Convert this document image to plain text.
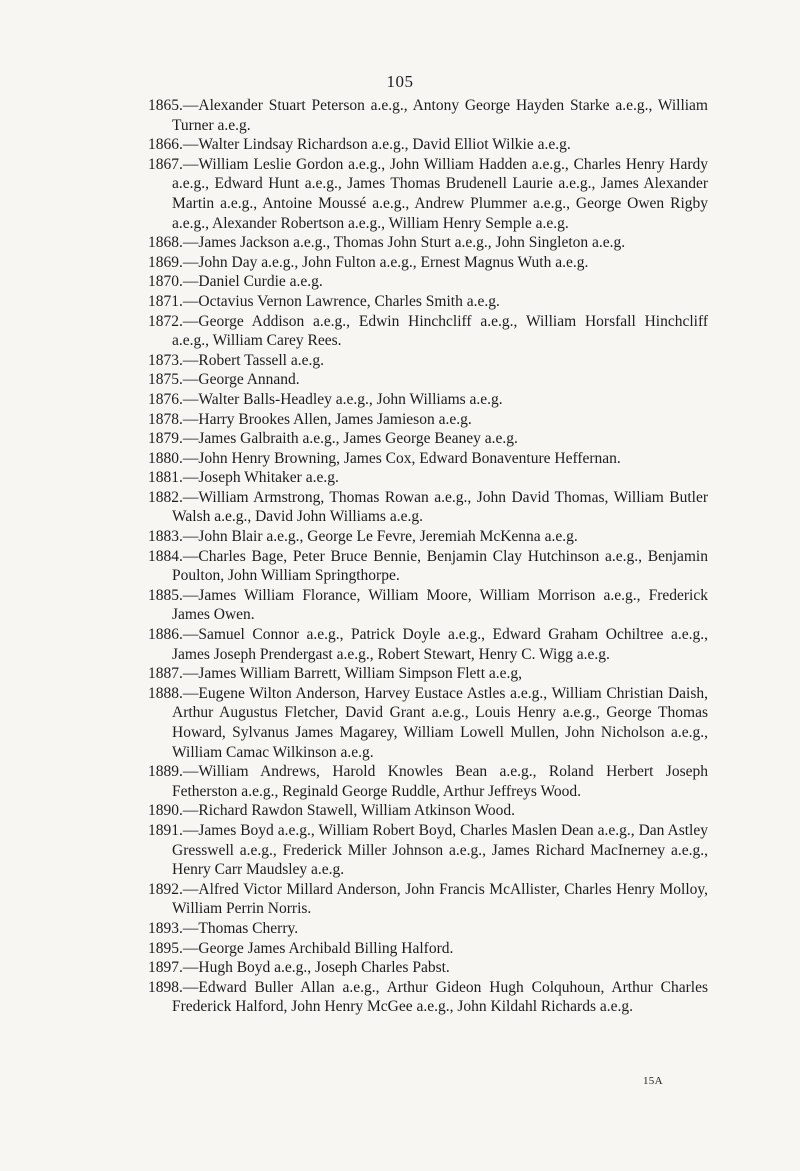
105

1865.—Alexander Stuart Peterson a.e.g., Antony George Hayden Starke a.e.g., William Turner a.e.g.

1866.—Walter Lindsay Richardson a.e.g., David Elliot Wilkie a.e.g.

1867.—William Leslie Gordon a.e.g., John William Hadden a.e.g., Charles Henry Hardy a.e.g., Edward Hunt a.e.g., James Thomas Brudenell Laurie a.e.g., James Alexander Martin a.e.g., Antoine Moussé a.e.g., Andrew Plummer a.e.g., George Owen Rigby a.e.g., Alexander Robertson a.e.g., William Henry Semple a.e.g.

1868.—James Jackson a.e.g., Thomas John Sturt a.e.g., John Singleton a.e.g.

1869.—John Day a.e.g., John Fulton a.e.g., Ernest Magnus Wuth a.e.g.

1870.—Daniel Curdie a.e.g.

1871.—Octavius Vernon Lawrence, Charles Smith a.e.g.

1872.—George Addison a.e.g., Edwin Hinchcliff a.e.g., William Horsfall Hinchcliff a.e.g., William Carey Rees.

1873.—Robert Tassell a.e.g.

1875.—George Annand.

1876.—Walter Balls-Headley a.e.g., John Williams a.e.g.

1878.—Harry Brookes Allen, James Jamieson a.e.g.

1879.—James Galbraith a.e.g., James George Beaney a.e.g.

1880.—John Henry Browning, James Cox, Edward Bonaventure Heffernan.

1881.—Joseph Whitaker a.e.g.

1882.—William Armstrong, Thomas Rowan a.e.g., John David Thomas, William Butler Walsh a.e.g., David John Williams a.e.g.

1883.—John Blair a.e.g., George Le Fevre, Jeremiah McKenna a.e.g.

1884.—Charles Bage, Peter Bruce Bennie, Benjamin Clay Hutchinson a.e.g., Benjamin Poulton, John William Springthorpe.

1885.—James William Florance, William Moore, William Morrison a.e.g., Frederick James Owen.

1886.—Samuel Connor a.e.g., Patrick Doyle a.e.g., Edward Graham Ochiltree a.e.g., James Joseph Prendergast a.e.g., Robert Stewart, Henry C. Wigg a.e.g.

1887.—James William Barrett, William Simpson Flett a.e.g,

1888.—Eugene Wilton Anderson, Harvey Eustace Astles a.e.g., William Christian Daish, Arthur Augustus Fletcher, David Grant a.e.g., Louis Henry a.e.g., George Thomas Howard, Sylvanus James Magarey, William Lowell Mullen, John Nicholson a.e.g., William Camac Wilkinson a.e.g.

1889.—William Andrews, Harold Knowles Bean a.e.g., Roland Herbert Joseph Fetherston a.e.g., Reginald George Ruddle, Arthur Jeffreys Wood.

1890.—Richard Rawdon Stawell, William Atkinson Wood.

1891.—James Boyd a.e.g., William Robert Boyd, Charles Maslen Dean a.e.g., Dan Astley Gresswell a.e.g., Frederick Miller Johnson a.e.g., James Richard MacInerney a.e.g., Henry Carr Maudsley a.e.g.

1892.—Alfred Victor Millard Anderson, John Francis McAllister, Charles Henry Molloy, William Perrin Norris.

1893.—Thomas Cherry.

1895.—George James Archibald Billing Halford.

1897.—Hugh Boyd a.e.g., Joseph Charles Pabst.

1898.—Edward Buller Allan a.e.g., Arthur Gideon Hugh Colquhoun, Arthur Charles Frederick Halford, John Henry McGee a.e.g., John Kildahl Richards a.e.g.

15A
